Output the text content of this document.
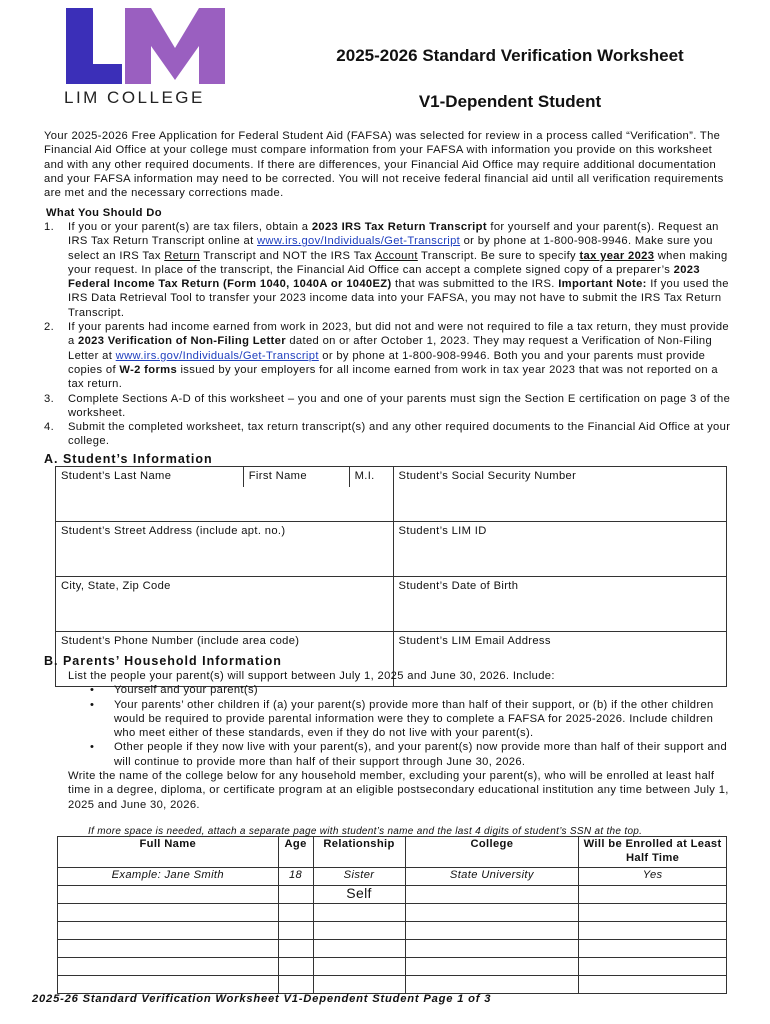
LIM COLLEGE
2025-2026 Standard Verification Worksheet
V1-Dependent Student
Your 2025-2026 Free Application for Federal Student Aid (FAFSA) was selected for review in a process called “Verification”. The Financial Aid Office at your college must compare information from your FAFSA with information you provide on this worksheet and with any other required documents. If there are differences, your Financial Aid Office may require additional documentation and your FAFSA information may need to be corrected. You will not receive federal financial aid until all verification requirements are met and the necessary corrections made.
What You Should Do
1. If you or your parent(s) are tax filers, obtain a 2023 IRS Tax Return Transcript for yourself and your parent(s). Request an IRS Tax Return Transcript online at www.irs.gov/Individuals/Get-Transcript or by phone at 1-800-908-9946. Make sure you select an IRS Tax Return Transcript and NOT the IRS Tax Account Transcript. Be sure to specify tax year 2023 when making your request. In place of the transcript, the Financial Aid Office can accept a complete signed copy of a preparer’s 2023 Federal Income Tax Return (Form 1040, 1040A or 1040EZ) that was submitted to the IRS. Important Note: If you used the IRS Data Retrieval Tool to transfer your 2023 income data into your FAFSA, you may not have to submit the IRS Tax Return Transcript.
2. If your parents had income earned from work in 2023, but did not and were not required to file a tax return, they must provide a 2023 Verification of Non-Filing Letter dated on or after October 1, 2023. They may request a Verification of Non-Filing Letter at www.irs.gov/Individuals/Get-Transcript or by phone at 1-800-908-9946. Both you and your parents must provide copies of W-2 forms issued by your employers for all income earned from work in tax year 2023 that was not reported on a tax return.
3. Complete Sections A-D of this worksheet – you and one of your parents must sign the Section E certification on page 3 of the worksheet.
4. Submit the completed worksheet, tax return transcript(s) and any other required documents to the Financial Aid Office at your college.
A. Student’s Information
Student’s Last Name	First Name	M.I.	Student’s Social Security Number

Student’s Street Address (include apt. no.)			Student’s LIM ID

City, State, Zip Code			Student’s Date of Birth

Student’s Phone Number (include area code)			Student’s LIM Email Address

B. Parents’ Household Information
List the people your parent(s) will support between July 1, 2025 and June 30, 2026. Include:
• Yourself and your parent(s)
• Your parents’ other children if (a) your parent(s) provide more than half of their support, or (b) if the other children would be required to provide parental information were they to complete a FAFSA for 2025-2026. Include children who meet either of these standards, even if they do not live with your parent(s).
• Other people if they now live with your parent(s), and your parent(s) now provide more than half of their support and will continue to provide more than half of their support through June 30, 2026.
Write the name of the college below for any household member, excluding your parent(s), who will be enrolled at least half time in a degree, diploma, or certificate program at an eligible postsecondary educational institution any time between July 1, 2025 and June 30, 2026.
If more space is needed, attach a separate page with student’s name and the last 4 digits of student’s SSN at the top.
Full Name	Age	Relationship	College	Will be Enrolled at Least Half Time
Example: Jane Smith	18	Sister	State University	Yes
		Self		

2025-26 Standard Verification Worksheet V1-Dependent Student Page 1 of 3
